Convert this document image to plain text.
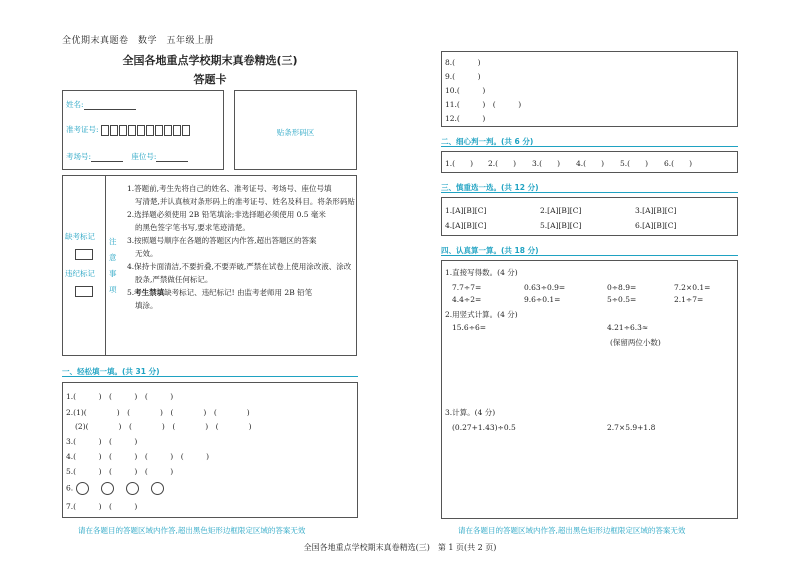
全优期末真题卷　数学　五年级上册
全国各地重点学校期末真卷精选(三)
答题卡
姓名:
准考证号:
考场号:	座位号:
贴条形码区
缺考标记
违纪标记
注
意
事
项
1.答题前,考生先将自己的姓名、准考证号、考场号、座位号填
写清楚,并认真核对条形码上的准考证号、姓名及科目。将条形码贴
2.选择题必须使用 2B 铅笔填涂;非选择题必须使用 0.5 毫米
的黑色签字笔书写,要求笔迹清楚。
3.按照题号顺序在各题的答题区内作答,超出答题区的答案
无效。
4.保持卡面清洁,不要折叠,不要弄破,严禁在试卷上使用涂改液、涂改
胶条,严禁做任何标记。
5.考生禁填缺考标记、违纪标记! 由监考老师用 2B 铅笔
填涂。
一、轻松填一填。(共 31 分)
1.(　　　)　(　　　)　(　　　)
2.(1)(　　　　)　(　　　　)　(　　　　)　(　　　　)
(2)(　　　　)　(　　　　)　(　　　　)　(　　　　)
3.(　　　)　(　　　)
4.(　　　)　(　　　)　(　　　)　(　　　)
5.(　　　)　(　　　)　(　　　)
6.
7.(　　　)　(　　　)
请在各题目的答题区域内作答,超出黑色矩形边框限定区域的答案无效
8.(　　　)
9.(　　　)
10.(　　　)
11.(　　　)　(　　　)
12.(　　　)
二、细心判一判。(共 6 分)
1.(　　) 2.(　　) 3.(　　) 4.(　　) 5.(　　) 6.(　　)
三、慎重选一选。(共 12 分)
1.[A][B][C]	2.[A][B][C]	3.[A][B][C]
4.[A][B][C]	5.[A][B][C]	6.[A][B][C]
四、认真算一算。(共 18 分)
1.直接写得数。(4 分)
7.7÷7=	0.63÷0.9=	0÷8.9=	7.2×0.1=
4.4÷2=	9.6÷0.1=	5÷0.5=	2.1÷7=
2.用竖式计算。(4 分)
15.6÷6=	4.21÷6.3≈
(保留两位小数)
3.计算。(4 分)
(0.27+1.43)÷0.5	2.7×5.9+1.8
请在各题目的答题区域内作答,超出黑色矩形边框限定区域的答案无效
全国各地重点学校期末真卷精选(三)　第 1 页(共 2 页)
